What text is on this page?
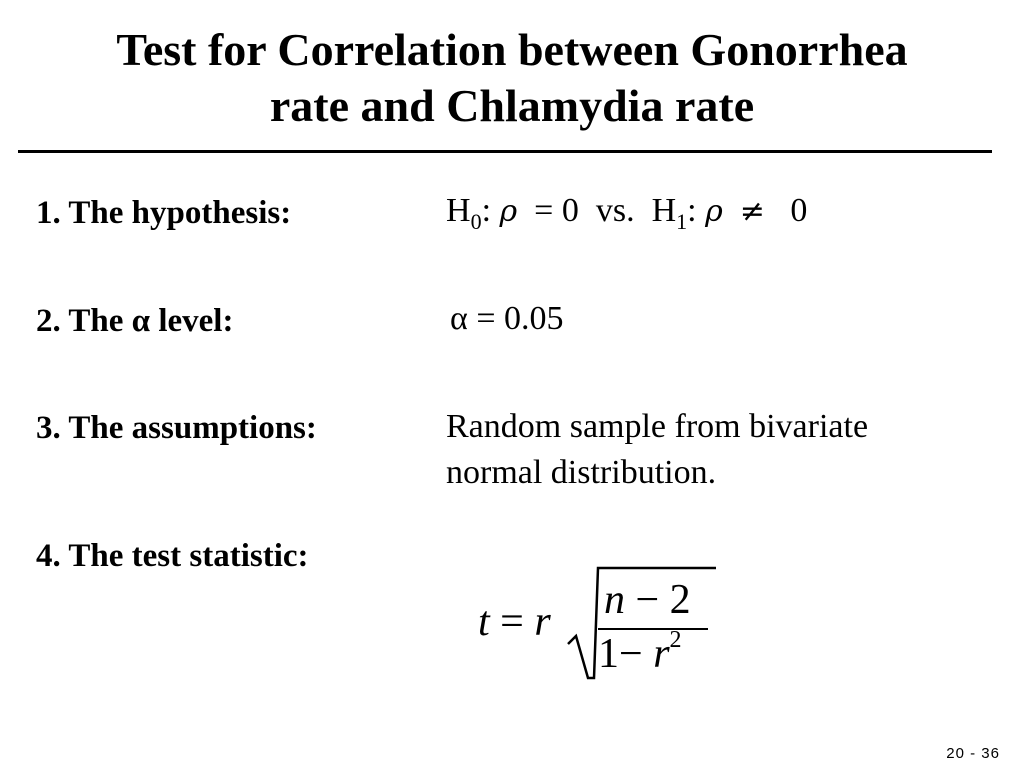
Test for Correlation between Gonorrhea
rate and Chlamydia rate
1. The hypothesis:	$H_0$: ρ = 0 vs. $H_1$: ρ ≠ 0
2. The α level:	α = 0.05
3. The assumptions:	Random sample from bivariate
normal distribution.
4. The test statistic:
t = r n − 2
$1- r^2$
20 - 36
